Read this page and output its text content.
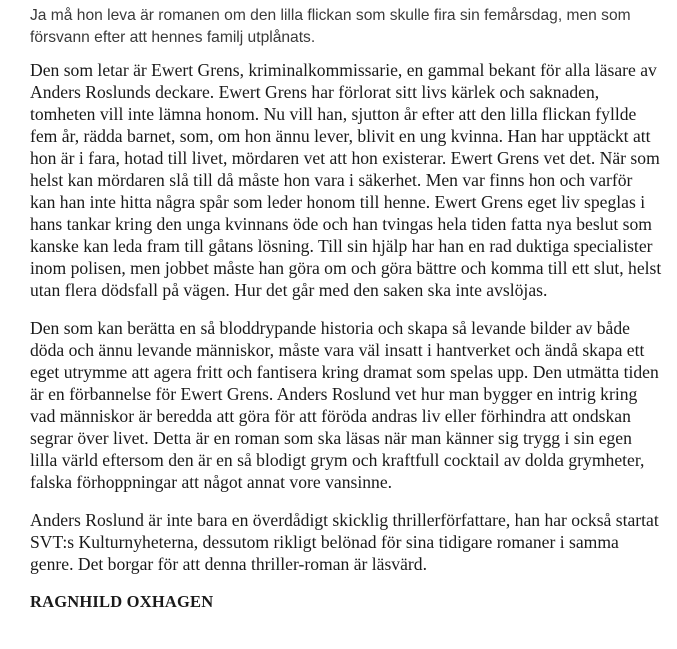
Ja må hon leva är romanen om den lilla flickan som skulle fira sin femårsdag, men som försvann efter att hennes familj utplånats.

Den som letar är Ewert Grens, kriminalkommissarie, en gammal bekant för alla läsare av Anders Roslunds deckare. Ewert Grens har förlorat sitt livs kärlek och saknaden, tomheten vill inte lämna honom. Nu vill han, sjutton år efter att den lilla flickan fyllde fem år, rädda barnet, som, om hon ännu lever, blivit en ung kvinna. Han har upptäckt att hon är i fara, hotad till livet, mördaren vet att hon existerar. Ewert Grens vet det. När som helst kan mördaren slå till då måste hon vara i säkerhet. Men var finns hon och varför kan han inte hitta några spår som leder honom till henne. Ewert Grens eget liv speglas i hans tankar kring den unga kvinnans öde och han tvingas hela tiden fatta nya beslut som kanske kan leda fram till gåtans lösning. Till sin hjälp har han en rad duktiga specialister inom polisen, men jobbet måste han göra om och göra bättre och komma till ett slut, helst utan flera dödsfall på vägen. Hur det går med den saken ska inte avslöjas.

Den som kan berätta en så bloddrypande historia och skapa så levande bilder av både döda och ännu levande människor, måste vara väl insatt i hantverket och ändå skapa ett eget utrymme att agera fritt och fantisera kring dramat som spelas upp. Den utmätta tiden är en förbannelse för Ewert Grens. Anders Roslund vet hur man bygger en intrig kring vad människor är beredda att göra för att föröda andras liv eller förhindra att ondskan segrar över livet. Detta är en roman som ska läsas när man känner sig trygg i sin egen lilla värld eftersom den är en så blodigt grym och kraftfull cocktail av dolda grymheter, falska förhoppningar att något annat vore vansinne.

Anders Roslund är inte bara en överdådigt skicklig thrillerförfattare, han har också startat SVT:s Kulturnyheterna, dessutom rikligt belönad för sina tidigare romaner i samma genre. Det borgar för att denna thriller-roman är läsvärd.

RAGNHILD OXHAGEN
